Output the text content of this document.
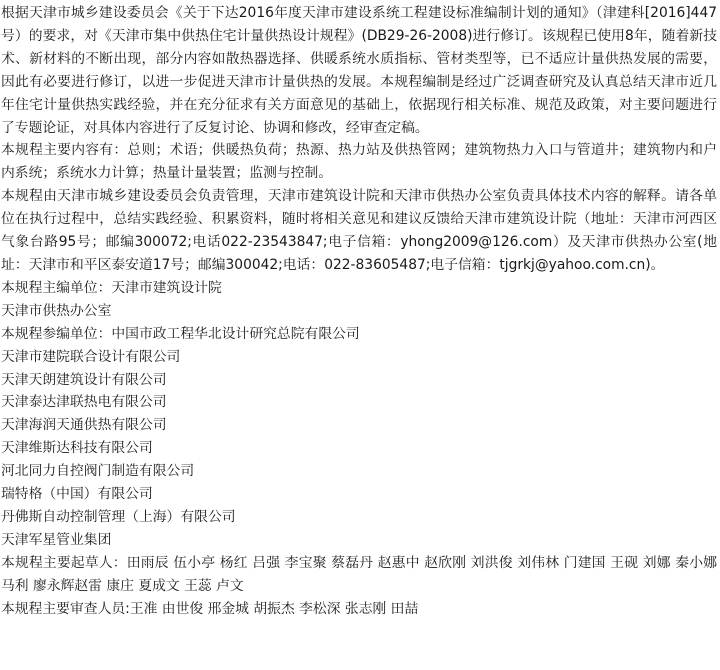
根据天津市城乡建设委员会《关于下达2016年度天津市建设系统工程建设标准编制计划的通知》（津建科[2016]447号）的要求，对《天津市集中供热住宅计量供热设计规程》(DB29-26-2008)进行修订。该规程已使用8年，随着新技术、新材料的不断出现，部分内容如散热器选择、供暖系统水质指标、管材类型等，已不适应计量供热发展的需要，因此有必要进行修订，以进一步促进天津市计量供热的发展。本规程编制是经过广泛调查研究及认真总结天津市近几年住宅计量供热实践经验，并在充分征求有关方面意见的基础上，依据现行相关标准、规范及政策，对主要问题进行了专题论证，对具体内容进行了反复讨论、协调和修改，经审查定稿。

本规程主要内容有：总则；术语；供暖热负荷；热源、热力站及供热管网；建筑物热力入口与管道井；建筑物内和户内系统；系统水力计算；热量计量装置；监测与控制。

本规程由天津市城乡建设委员会负责管理，天津市建筑设计院和天津市供热办公室负责具体技术内容的解释。请各单位在执行过程中，总结实践经验、积累资料，随时将相关意见和建议反馈给天津市建筑设计院（地址：天津市河西区气象台路95号；邮编300072;电话022-23543847;电子信箱：yhong2009@126.com）及天津市供热办公室(地址：天津市和平区泰安道17号；邮编300042;电话：022-83605487;电子信箱：tjgrkj@yahoo.com.cn)。

本规程主编单位：天津市建筑设计院

天津市供热办公室

本规程参编单位：中国市政工程华北设计研究总院有限公司

天津市建院联合设计有限公司

天津天朗建筑设计有限公司

天津泰达津联热电有限公司

天津海润天通供热有限公司

天津维斯达科技有限公司

河北同力自控阀门制造有限公司

瑞特格（中国）有限公司

丹佛斯自动控制管理（上海）有限公司

天津军星管业集团

本规程主要起草人：田雨辰 伍小亭 杨红 吕强 李宝聚 蔡磊丹 赵惠中 赵欣刚 刘洪俊 刘伟林 门建国 王砚 刘娜 秦小娜 马利 廖永辉赵雷 康庄 夏成文 王蕊 卢文

本规程主要审查人员:王准 由世俊 邢金城 胡振杰 李松深 张志刚 田喆
